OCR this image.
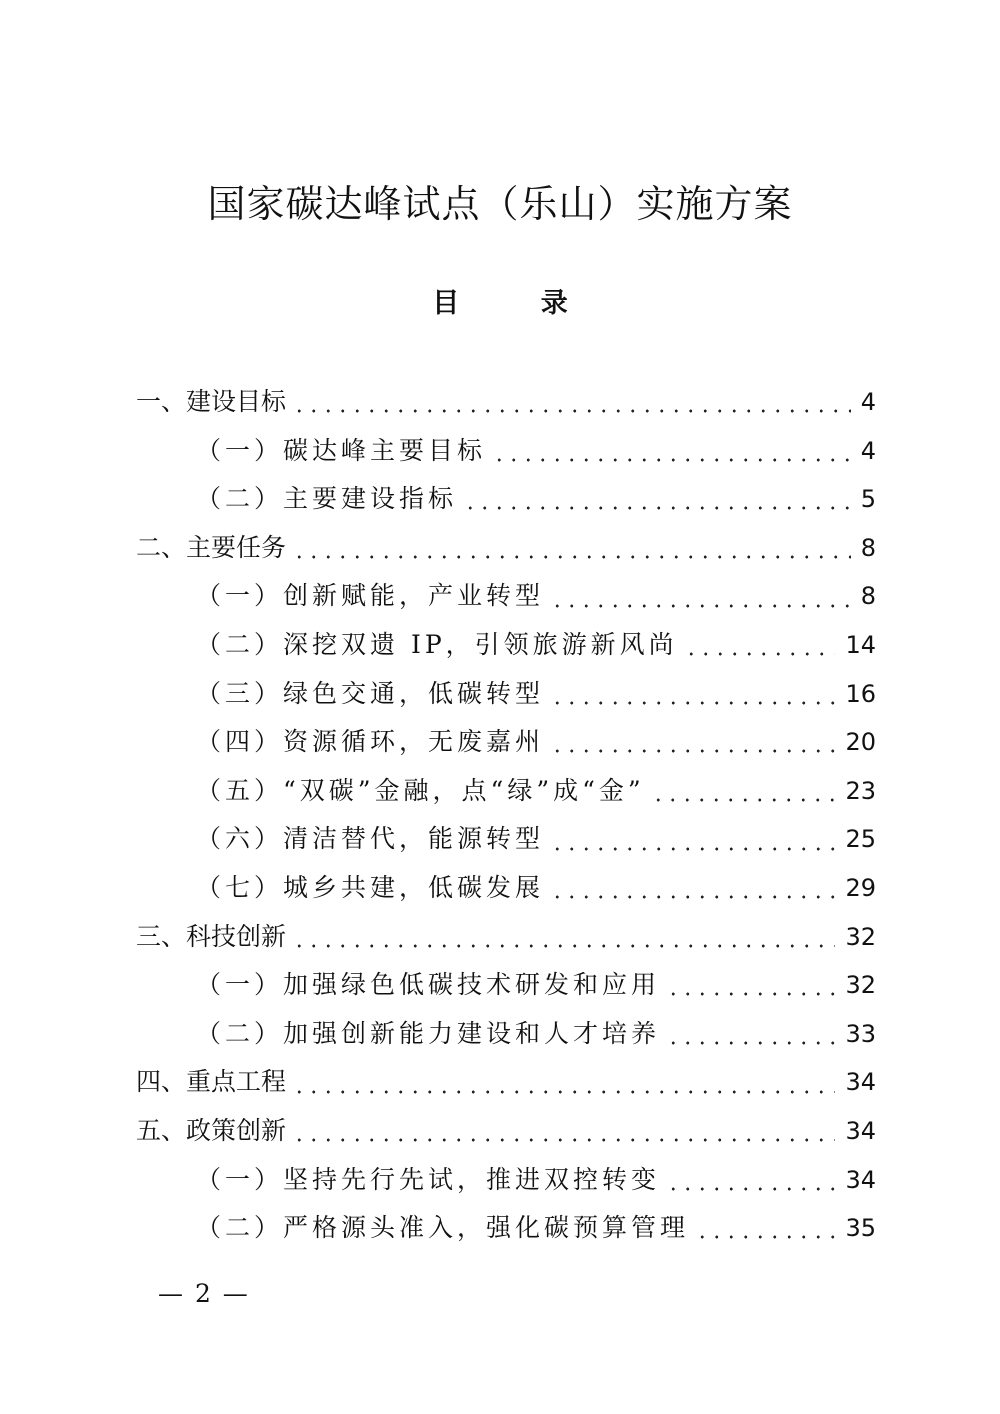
国家碳达峰试点（乐山）实施方案
目 录
一、建设目标	4
（一）碳达峰主要目标	4
（二）主要建设指标	5
二、主要任务	8
（一）创新赋能，产业转型	8
（二）深挖双遗 IP，引领旅游新风尚	14
（三）绿色交通，低碳转型	16
（四）资源循环，无废嘉州	20
（五）“双碳”金融，点“绿”成“金”	23
（六）清洁替代，能源转型	25
（七）城乡共建，低碳发展	29
三、科技创新	32
（一）加强绿色低碳技术研发和应用	32
（二）加强创新能力建设和人才培养	33
四、重点工程	34
五、政策创新	34
（一）坚持先行先试，推进双控转变	34
（二）严格源头准入，强化碳预算管理	35
— 2 —
